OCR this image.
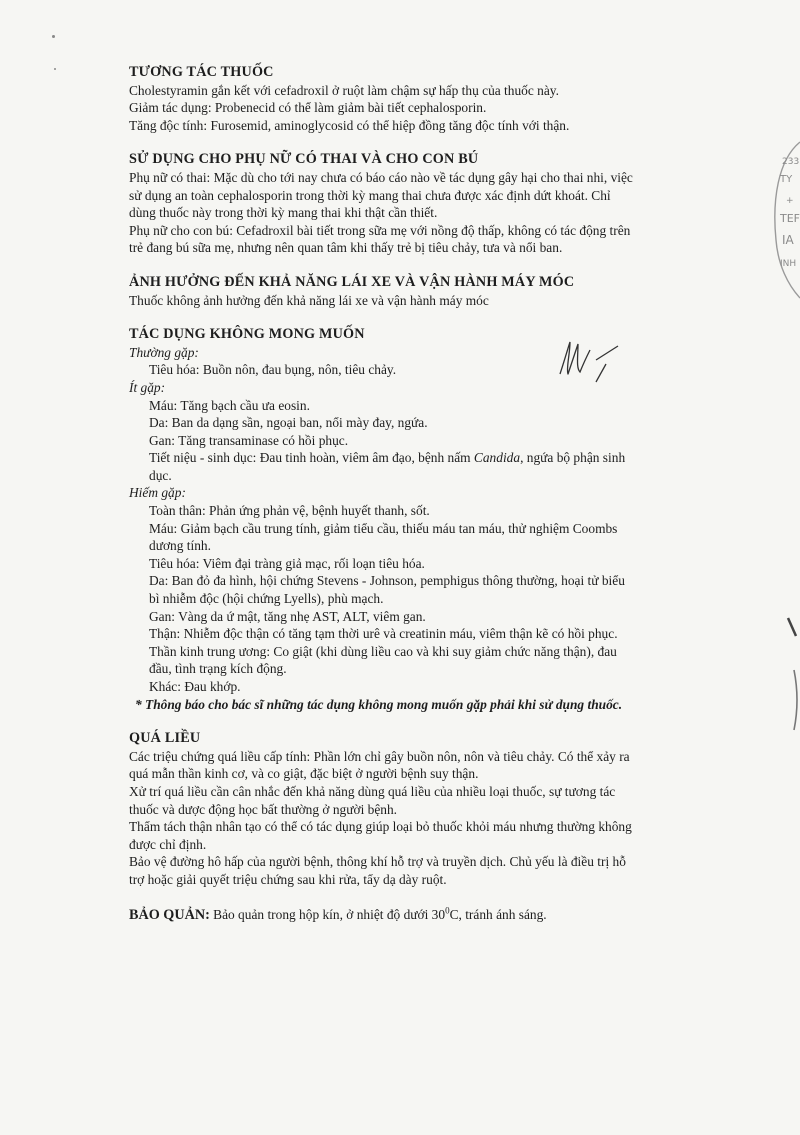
233
TY
+
TEF
IA
INH
TƯƠNG TÁC THUỐC

Cholestyramin gắn kết với cefadroxil ở ruột làm chậm sự hấp thụ của thuốc này.

Giảm tác dụng: Probenecid có thể làm giảm bài tiết cephalosporin.

Tăng độc tính: Furosemid, aminoglycosid có thể hiệp đồng tăng độc tính với thận.

SỬ DỤNG CHO PHỤ NỮ CÓ THAI VÀ CHO CON BÚ

Phụ nữ có thai: Mặc dù cho tới nay chưa có báo cáo nào về tác dụng gây hại cho thai nhi, việc

sử dụng an toàn cephalosporin trong thời kỳ mang thai chưa được xác định dứt khoát. Chỉ

dùng thuốc này trong thời kỳ mang thai khi thật cần thiết.

Phụ nữ cho con bú: Cefadroxil bài tiết trong sữa mẹ với nồng độ thấp, không có tác động trên

trẻ đang bú sữa mẹ, nhưng nên quan tâm khi thấy trẻ bị tiêu chảy, tưa và nổi ban.

ẢNH HƯỞNG ĐẾN KHẢ NĂNG LÁI XE VÀ VẬN HÀNH MÁY MÓC

Thuốc không ảnh hưởng đến khả năng lái xe và vận hành máy móc

TÁC DỤNG KHÔNG MONG MUỐN

Thường gặp:

Tiêu hóa: Buồn nôn, đau bụng, nôn, tiêu chảy.

Ít gặp:

Máu: Tăng bạch cầu ưa eosin.

Da: Ban da dạng sần, ngoại ban, nổi mày đay, ngứa.

Gan: Tăng transaminase có hồi phục.

Tiết niệu - sinh dục: Đau tinh hoàn, viêm âm đạo, bệnh nấm Candida, ngứa bộ phận sinh

dục.

Hiếm gặp:

Toàn thân: Phản ứng phản vệ, bệnh huyết thanh, sốt.

Máu: Giảm bạch cầu trung tính, giảm tiểu cầu, thiếu máu tan máu, thử nghiệm Coombs

dương tính.

Tiêu hóa: Viêm đại tràng giả mạc, rối loạn tiêu hóa.

Da: Ban đỏ đa hình, hội chứng Stevens - Johnson, pemphigus thông thường, hoại tử biểu

bì nhiễm độc (hội chứng Lyells), phù mạch.

Gan: Vàng da ứ mật, tăng nhẹ AST, ALT, viêm gan.

Thận: Nhiễm độc thận có tăng tạm thời urê và creatinin máu, viêm thận kẽ có hồi phục.

Thần kinh trung ương: Co giật (khi dùng liều cao và khi suy giảm chức năng thận), đau

đầu, tình trạng kích động.

Khác: Đau khớp.

* Thông báo cho bác sĩ những tác dụng không mong muốn gặp phải khi sử dụng thuốc.

QUÁ LIỀU

Các triệu chứng quá liều cấp tính: Phần lớn chỉ gây buồn nôn, nôn và tiêu chảy. Có thể xảy ra

quá mẫn thần kinh cơ, và co giật, đặc biệt ở người bệnh suy thận.

Xử trí quá liều cần cân nhắc đến khả năng dùng quá liều của nhiều loại thuốc, sự tương tác

thuốc và dược động học bất thường ở người bệnh.

Thẩm tách thận nhân tạo có thể có tác dụng giúp loại bỏ thuốc khỏi máu nhưng thường không

được chỉ định.

Bảo vệ đường hô hấp của người bệnh, thông khí hỗ trợ và truyền dịch. Chủ yếu là điều trị hỗ

trợ hoặc giải quyết triệu chứng sau khi rửa, tẩy dạ dày ruột.

BẢO QUẢN: Bảo quản trong hộp kín, ở nhiệt độ dưới $30^0C$, tránh ánh sáng.
